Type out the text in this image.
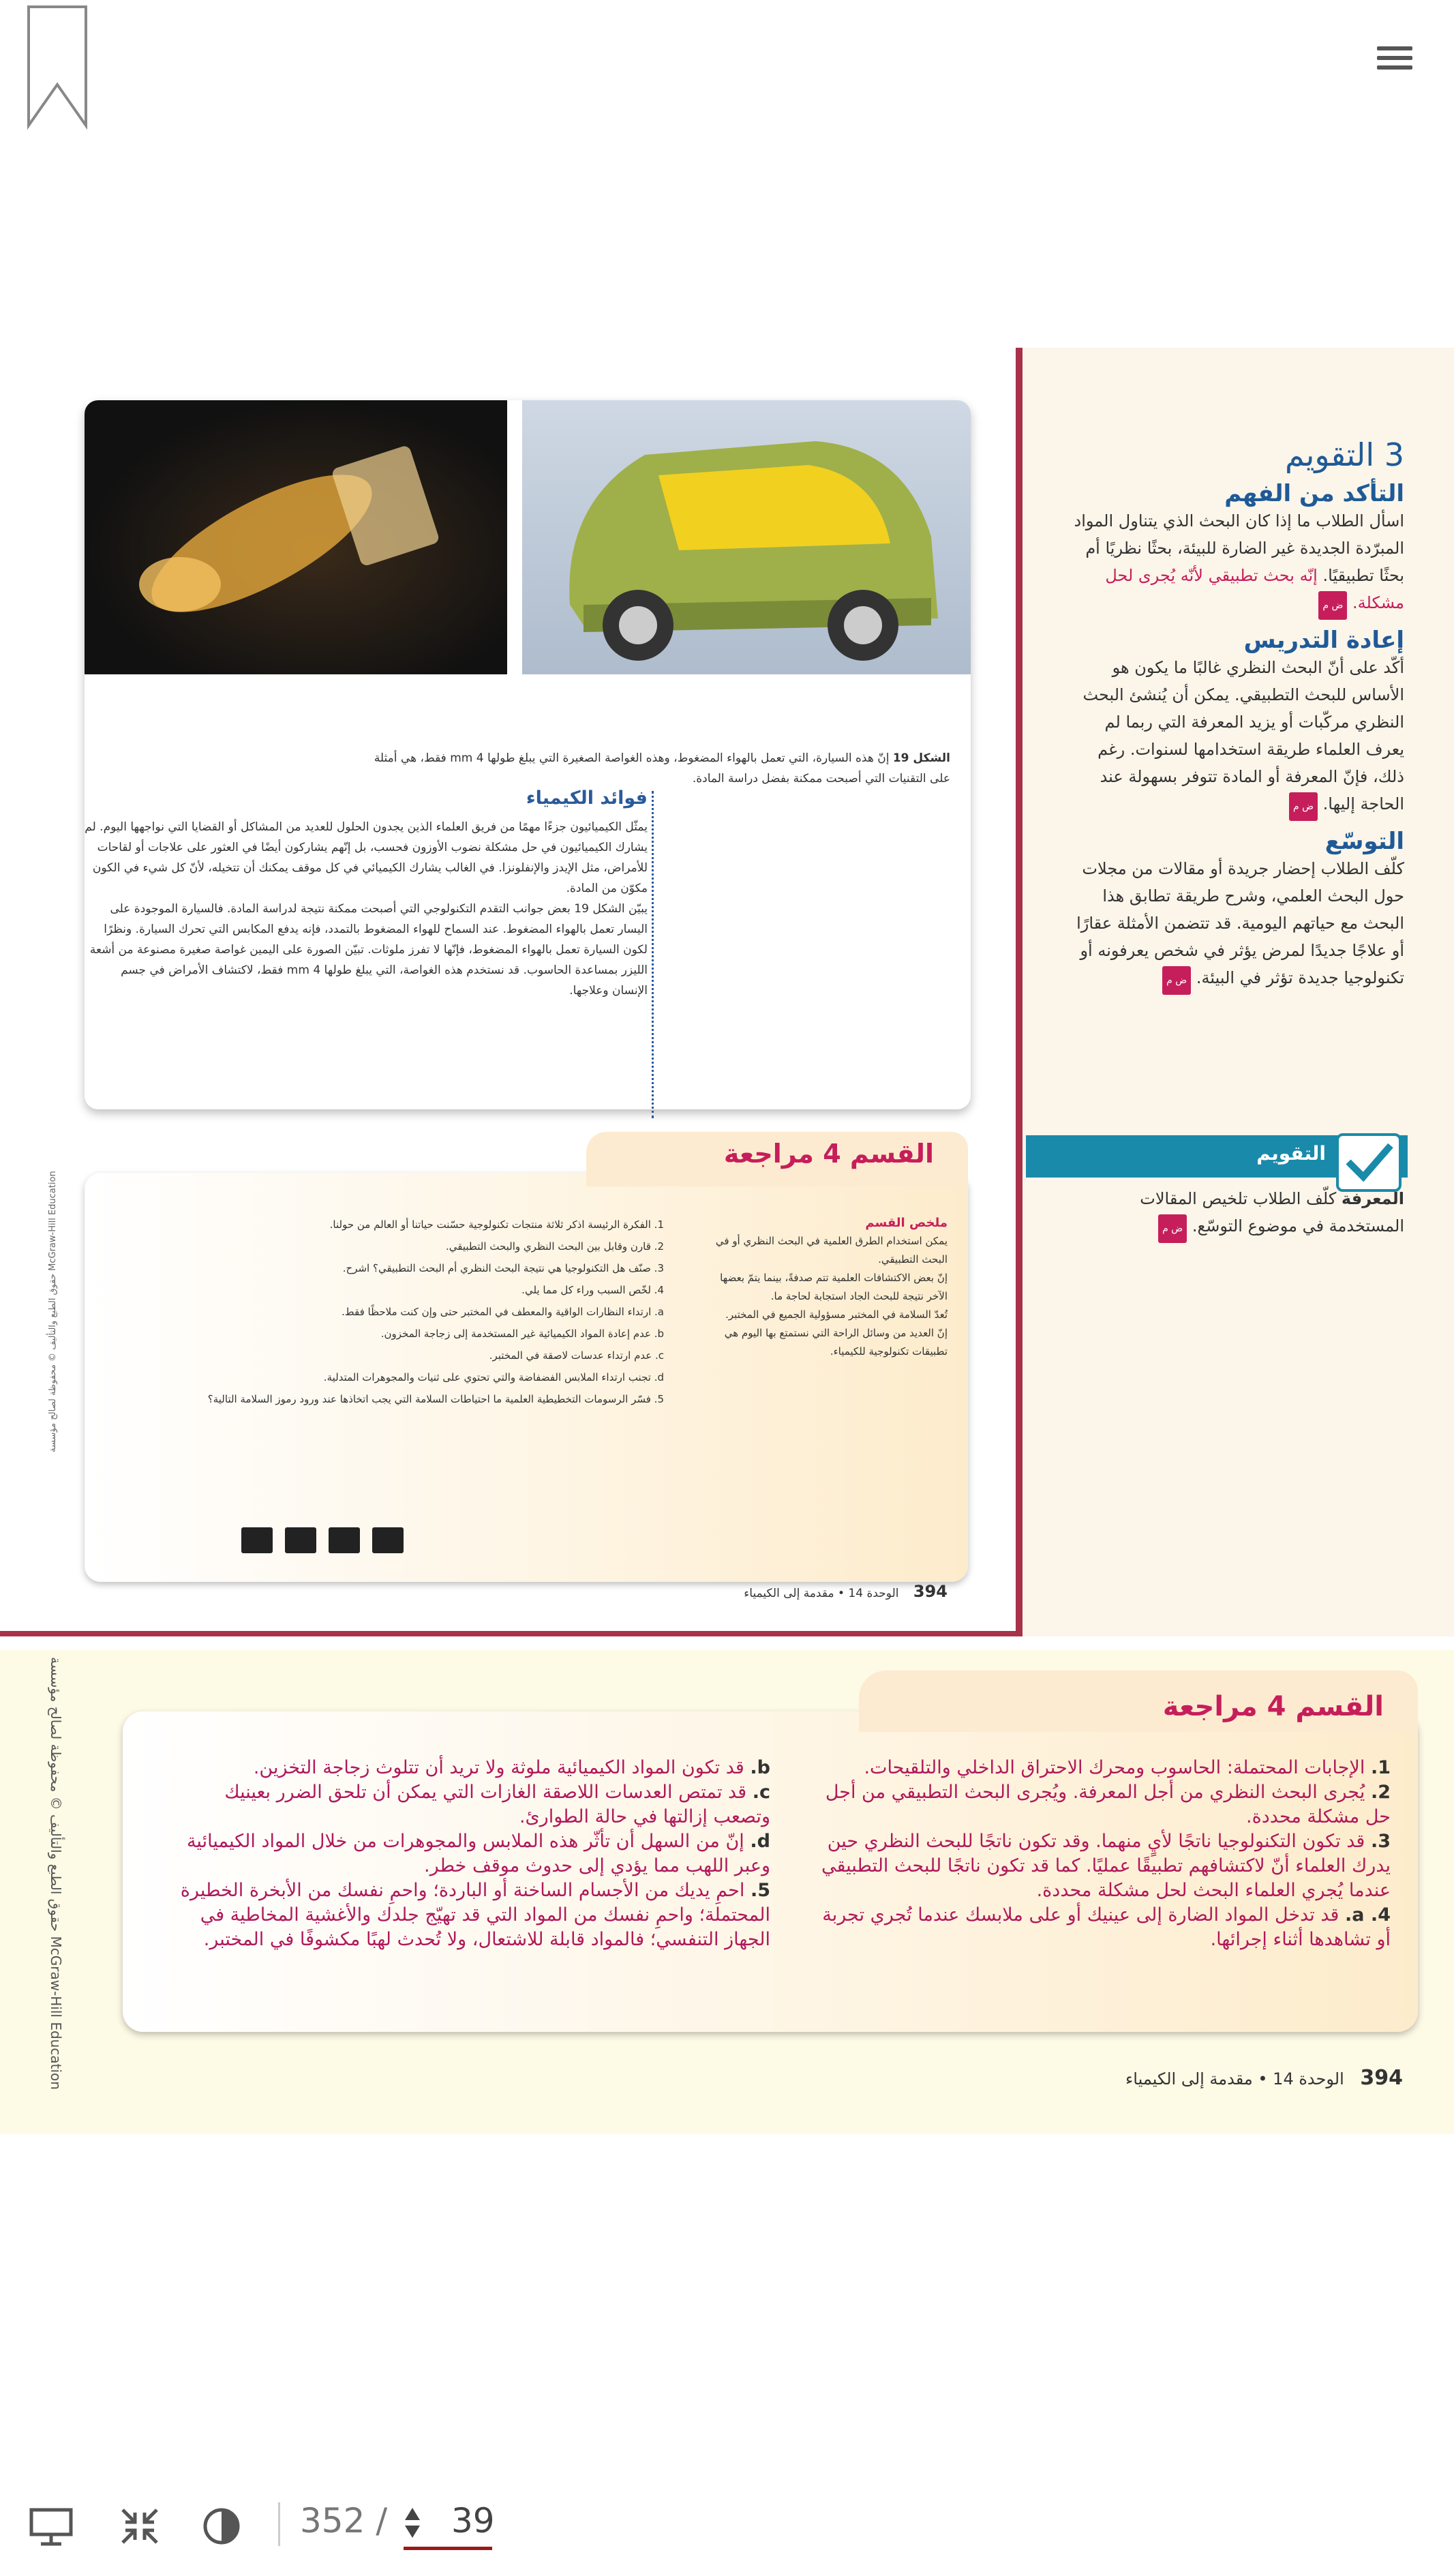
الشكل 19 إنّ هذه السيارة، التي تعمل بالهواء المضغوط، وهذه الغواصة الصغيرة التي يبلغ طولها 4 mm فقط، هي أمثلة على التقنيات التي أصبحت ممكنة بفضل دراسة المادة.
فوائد الكيمياء

يمثّل الكيميائيون جزءًا مهمًا من فريق العلماء الذين يجدون الحلول للعديد من المشاكل أو القضايا التي نواجهها اليوم. لم يشارك الكيميائيون في حل مشكلة نضوب الأوزون فحسب، بل إنّهم يشاركون أيضًا في العثور على علاجات أو لقاحات للأمراض، مثل الإيدز والإنفلونزا. في الغالب يشارك الكيميائي في كل موقف يمكنك أن تتخيله، لأنّ كل شيء في الكون مكوّن من المادة.

يبيّن الشكل 19 بعض جوانب التقدم التكنولوجي التي أصبحت ممكنة نتيجة لدراسة المادة. فالسيارة الموجودة على اليسار تعمل بالهواء المضغوط. عند السماح للهواء المضغوط بالتمدد، فإنه يدفع المكابس التي تحرك السيارة. ونظرًا لكون السيارة تعمل بالهواء المضغوط، فإنّها لا تفرز ملوثات. تبيّن الصورة على اليمين غواصة صغيرة مصنوعة من أشعة الليزر بمساعدة الحاسوب. قد نستخدم هذه الغواصة، التي يبلغ طولها 4 mm فقط، لاكتشاف الأمراض في جسم الإنسان وعلاجها.

القسم 4 مراجعة
ملخص القسم
يمكن استخدام الطرق العلمية في البحث النظري أو في البحث التطبيقي.
إنّ بعض الاكتشافات العلمية تتم صدفةً، بينما يتمّ بعضها الآخر نتيجة للبحث الجاد استجابة لحاجة ما.
تُعدّ السلامة في المختبر مسؤولية الجميع في المختبر.
إنّ العديد من وسائل الراحة التي نستمتع بها اليوم هي تطبيقات تكنولوجية للكيمياء.
1. الفكرة الرئيسة اذكر ثلاثة منتجات تكنولوجية حسّنت حياتنا أو العالم من حولنا.
2. قارن وقابل بين البحث النظري والبحث التطبيقي.
3. صنّف هل التكنولوجيا هي نتيجة البحث النظري أم البحث التطبيقي؟ اشرح.
4. لخّص السبب وراء كل مما يلي.
a. ارتداء النظارات الواقية والمعطف في المختبر حتى وإن كنت ملاحظًا فقط.
b. عدم إعادة المواد الكيميائية غير المستخدمة إلى زجاجة المخزون.
c. عدم ارتداء عدسات لاصقة في المختبر.
d. تجنب ارتداء الملابس الفضفاضة والتي تحتوي على ثنيات والمجوهرات المتدلية.
5. فسّر الرسومات التخطيطية العلمية ما احتياطات السلامة التي يجب اتخاذها عند ورود رموز السلامة التالية؟
394 الوحدة 14 • مقدمة إلى الكيمياء
حقوق الطبع والتأليف © محفوظة لصالح مؤسسة McGraw-Hill Education
3 التقويم
التأكد من الفهم

اسأل الطلاب ما إذا كان البحث الذي يتناول المواد المبرّدة الجديدة غير الضارة للبيئة، بحثًا نظريًا أم بحثًا تطبيقيًا. إنّه بحث تطبيقي لأنّه يُجرى لحل مشكلة. ض م

إعادة التدريس

أكّد على أنّ البحث النظري غالبًا ما يكون هو الأساس للبحث التطبيقي. يمكن أن يُنشئ البحث النظري مركّبات أو يزيد المعرفة التي ربما لم يعرف العلماء طريقة استخدامها لسنوات. رغم ذلك، فإنّ المعرفة أو المادة تتوفر بسهولة عند الحاجة إليها. ض م

التوسّع

كلّف الطلاب إحضار جريدة أو مقالات من مجلات حول البحث العلمي، وشرح طريقة تطابق هذا البحث مع حياتهم اليومية. قد تتضمن الأمثلة عقارًا أو علاجًا جديدًا لمرض يؤثر في شخص يعرفونه أو تكنولوجيا جديدة تؤثر في البيئة. ض م

التقويم

المعرفة كلّف الطلاب تلخيص المقالات المستخدمة في موضوع التوسّع. ض م

القسم 4 مراجعة
1. الإجابات المحتملة: الحاسوب ومحرك الاحتراق الداخلي والتلقيحات.
2. يُجرى البحث النظري من أجل المعرفة. ويُجرى البحث التطبيقي من أجل حل مشكلة محددة.
3. قد تكون التكنولوجيا ناتجًا لأيٍ منهما. وقد تكون ناتجًا للبحث النظري حين يدرك العلماء أنّ لاكتشافهم تطبيقًا عمليًا. كما قد تكون ناتجًا للبحث التطبيقي عندما يُجري العلماء البحث لحل مشكلة محددة.
4. a. قد تدخل المواد الضارة إلى عينيك أو على ملابسك عندما تُجري تجربة أو تشاهدها أثناء إجرائها.
b. قد تكون المواد الكيميائية ملوثة ولا تريد أن تتلوث زجاجة التخزين.
c. قد تمتص العدسات اللاصقة الغازات التي يمكن أن تلحق الضرر بعينيك وتصعب إزالتها في حالة الطوارئ.
d. إنّ من السهل أن تأثّر هذه الملابس والمجوهرات من خلال المواد الكيميائية وعبر اللهب مما يؤدي إلى حدوث موقف خطر.
5. احمِ يديك من الأجسام الساخنة أو الباردة؛ واحمِ نفسك من الأبخرة الخطيرة المحتملة؛ واحمِ نفسك من المواد التي قد تهيّج جلدك والأغشية المخاطية في الجهاز التنفسي؛ فالمواد قابلة للاشتعال، ولا تُحدث لهبًا مكشوفًا في المختبر.
394 الوحدة 14 • مقدمة إلى الكيمياء
حقوق الطبع والتأليف © محفوظة لصالح مؤسسة McGraw-Hill Education
352 / 39
